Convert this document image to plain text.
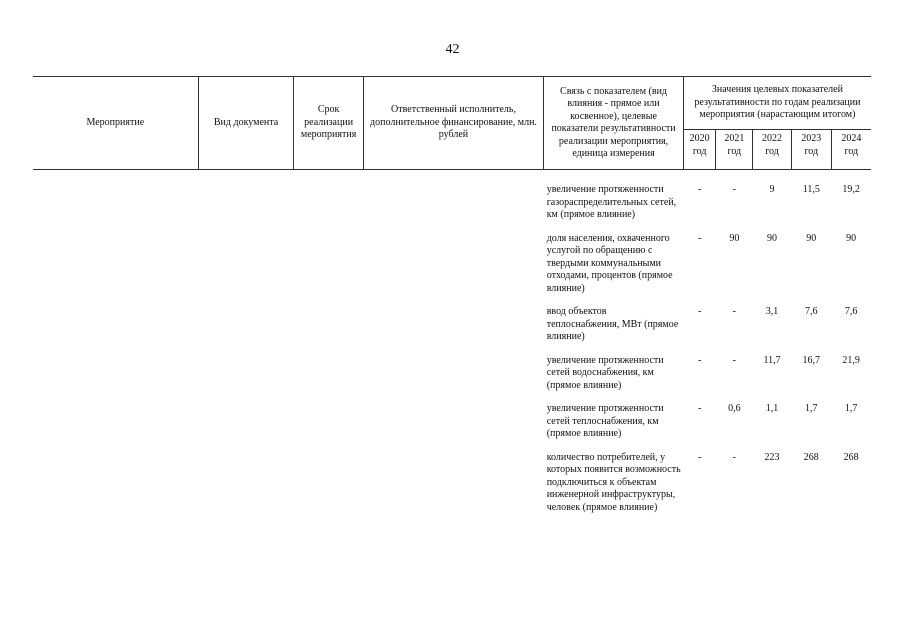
42
Мероприятие	Вид документа	Срок реализации мероприятия	Ответственный исполнитель, дополнительное финансирование, млн. рублей	Связь с показателем (вид влияния - прямое или косвенное), целевые показатели результативности реализации мероприятия, единица измерения	Значения целевых показателей результативности по годам реализации мероприятия (нарастающим итогом)				
					2020 год	2021 год	2022 год	2023 год	2024 год
				увеличение протяженности газораспределительных сетей, км (прямое влияние)	-	-	9	11,5	19,2
				доля населения, охваченного услугой по обращению с твердыми коммунальными отходами, процентов (прямое влияние)	-	90	90	90	90
				ввод объектов теплоснабжения, МВт (прямое влияние)	-	-	3,1	7,6	7,6
				увеличение протяженности сетей водоснабжения, км (прямое влияние)	-	-	11,7	16,7	21,9
				увеличение протяженности сетей теплоснабжения, км (прямое влияние)	-	0,6	1,1	1,7	1,7
				количество потребителей, у которых появится возможность подключиться к объектам инженерной инфраструктуры, человек (прямое влияние)	-	-	223	268	268
